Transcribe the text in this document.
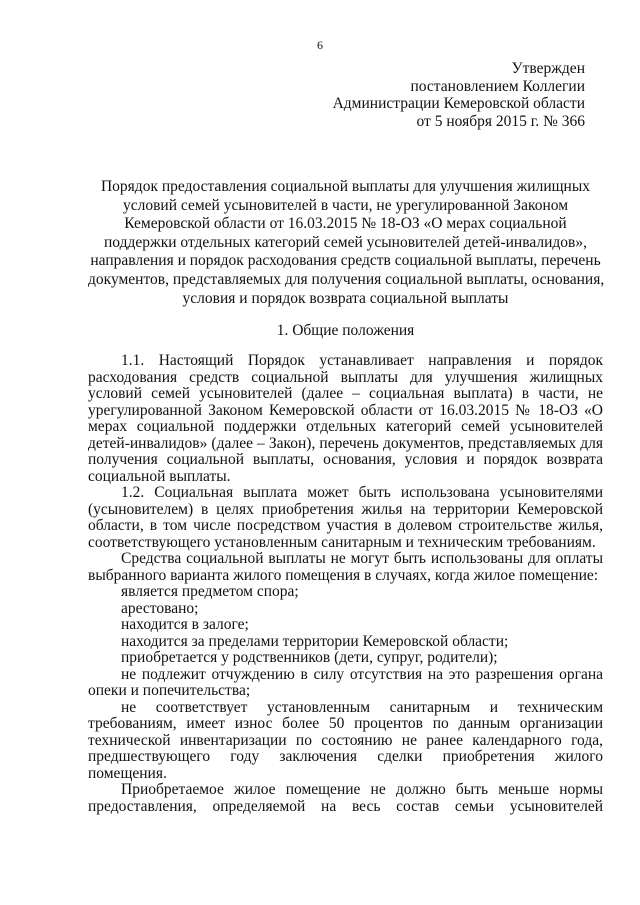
6
Утвержден
постановлением Коллегии
Администрации Кемеровской области
от 5 ноября 2015 г. № 366
Порядок предоставления социальной выплаты для улучшения жилищных
условий семей усыновителей в части, не урегулированной Законом
Кемеровской области от 16.03.2015 № 18-ОЗ «О мерах социальной
поддержки отдельных категорий семей усыновителей детей-инвалидов»,
направления и порядок расходования средств социальной выплаты, перечень
документов, представляемых для получения социальной выплаты, основания,
условия и порядок возврата социальной выплаты
1. Общие положения

1.1. Настоящий Порядок устанавливает направления и порядок расходования средств социальной выплаты для улучшения жилищных условий семей усыновителей (далее – социальная выплата) в части, не урегулированной Законом Кемеровской области от 16.03.2015 № 18-ОЗ «О мерах социальной поддержки отдельных категорий семей усыновителей детей-инвалидов» (далее – Закон), перечень документов, представляемых для получения социальной выплаты, основания, условия и порядок возврата социальной выплаты.

1.2. Социальная выплата может быть использована усыновителями (усыновителем) в целях приобретения жилья на территории Кемеровской области, в том числе посредством участия в долевом строительстве жилья, соответствующего установленным санитарным и техническим требованиям.

Средства социальной выплаты не могут быть использованы для оплаты выбранного варианта жилого помещения в случаях, когда жилое помещение:

является предметом спора;

арестовано;

находится в залоге;

находится за пределами территории Кемеровской области;

приобретается у родственников (дети, супруг, родители);

не подлежит отчуждению в силу отсутствия на это разрешения органа опеки и попечительства;

не соответствует установленным санитарным и техническим требованиям, имеет износ более 50 процентов по данным организации технической инвентаризации по состоянию не ранее календарного года, предшествующего году заключения сделки приобретения жилого помещения.

Приобретаемое жилое помещение не должно быть меньше нормы предоставления, определяемой на весь состав семьи усыновителей
